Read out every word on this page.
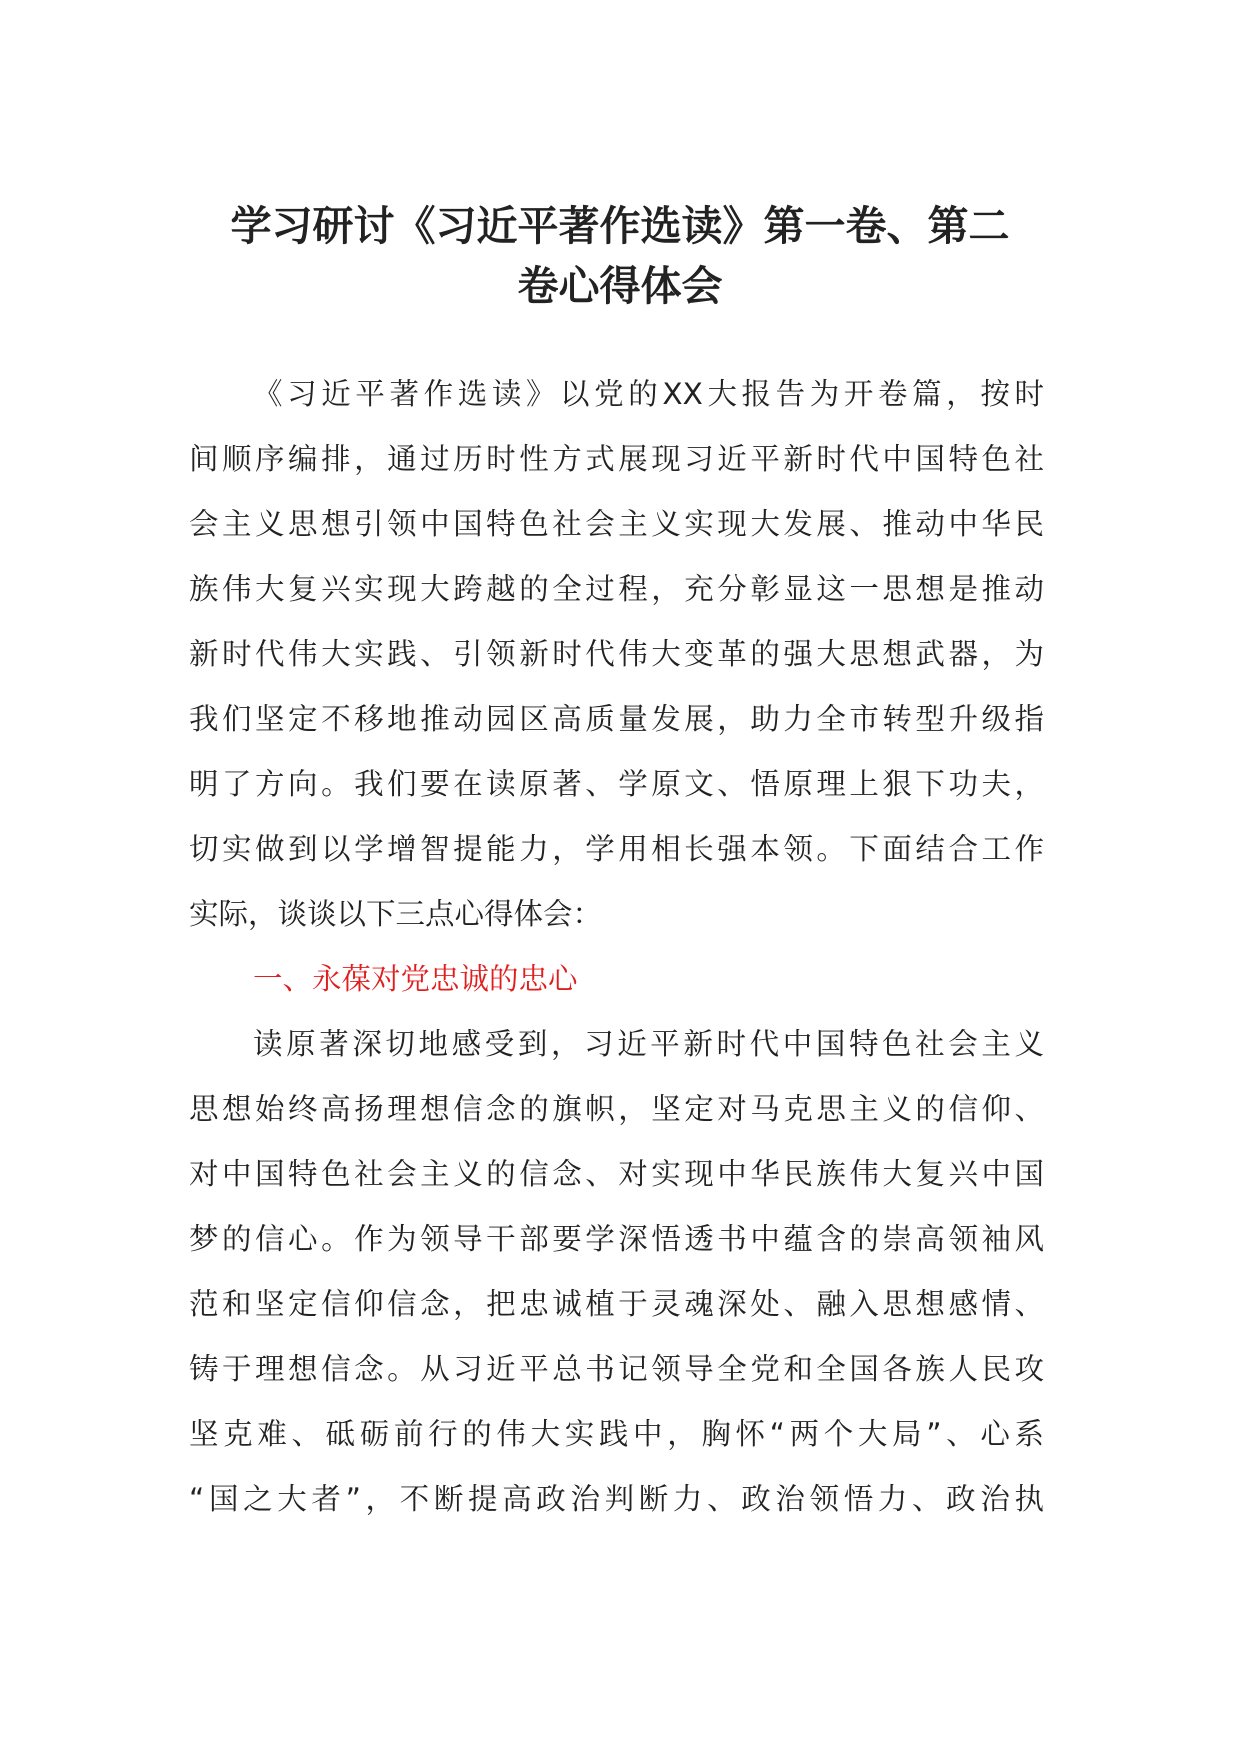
学习研讨《习近平著作选读》第一卷、第二
卷心得体会
《习近平著作选读》以党的XX大报告为开卷篇，按时
间顺序编排，通过历时性方式展现习近平新时代中国特色社
会主义思想引领中国特色社会主义实现大发展、推动中华民
族伟大复兴实现大跨越的全过程，充分彰显这一思想是推动
新时代伟大实践、引领新时代伟大变革的强大思想武器，为
我们坚定不移地推动园区高质量发展，助力全市转型升级指
明了方向。我们要在读原著、学原文、悟原理上狠下功夫，
切实做到以学增智提能力，学用相长强本领。下面结合工作
实际，谈谈以下三点心得体会：
一、永葆对党忠诚的忠心
读原著深切地感受到，习近平新时代中国特色社会主义
思想始终高扬理想信念的旗帜，坚定对马克思主义的信仰、
对中国特色社会主义的信念、对实现中华民族伟大复兴中国
梦的信心。作为领导干部要学深悟透书中蕴含的崇高领袖风
范和坚定信仰信念，把忠诚植于灵魂深处、融入思想感情、
铸于理想信念。从习近平总书记领导全党和全国各族人民攻
坚克难、砥砺前行的伟大实践中，胸怀“两个大局”、心系
“国之大者”，不断提高政治判断力、政治领悟力、政治执
